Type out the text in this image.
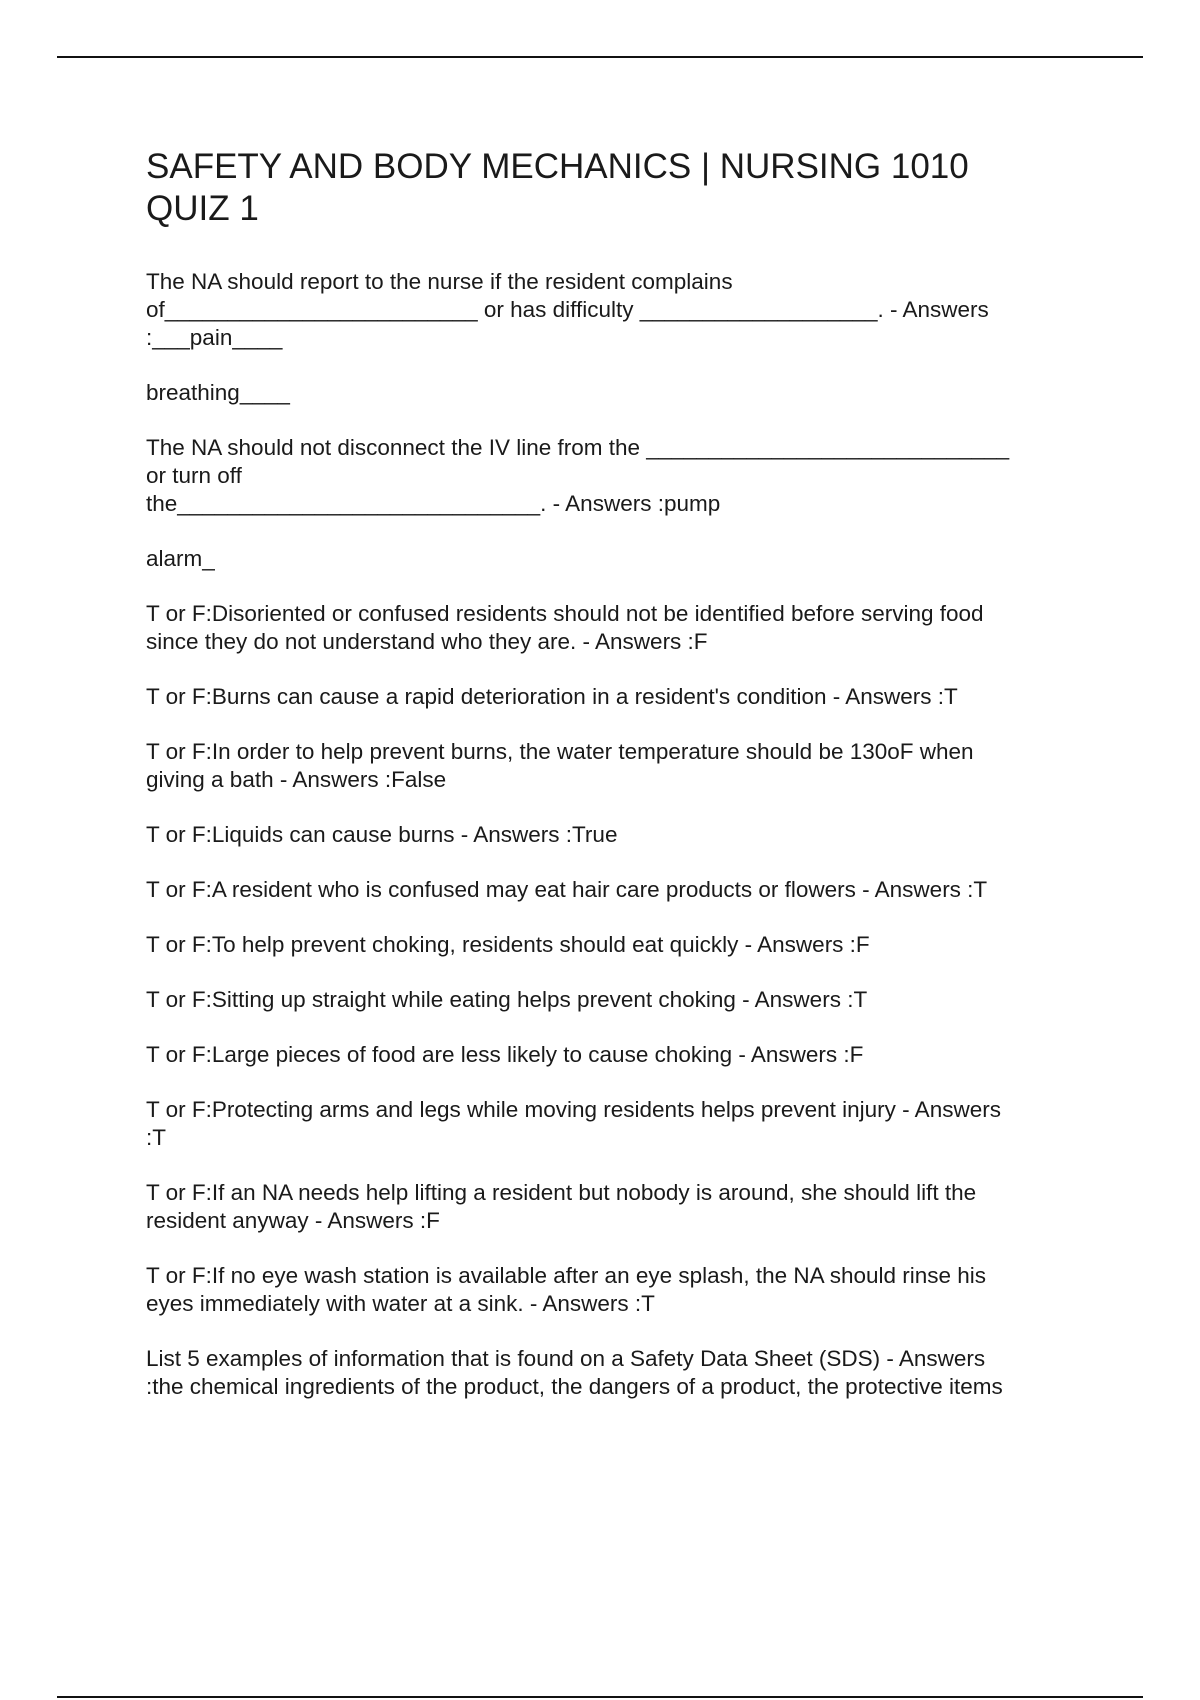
SAFETY AND BODY MECHANICS | NURSING 1010
QUIZ 1

The NA should report to the nurse if the resident complains
of_________________________ or has difficulty ___________________. - Answers
:___pain____

breathing____

The NA should not disconnect the IV line from the _____________________________
or turn off
the_____________________________. - Answers :pump

alarm_

T or F:Disoriented or confused residents should not be identified before serving food
since they do not understand who they are. - Answers :F

T or F:Burns can cause a rapid deterioration in a resident's condition - Answers :T

T or F:In order to help prevent burns, the water temperature should be 130oF when
giving a bath - Answers :False

T or F:Liquids can cause burns - Answers :True

T or F:A resident who is confused may eat hair care products or flowers - Answers :T

T or F:To help prevent choking, residents should eat quickly - Answers :F

T or F:Sitting up straight while eating helps prevent choking - Answers :T

T or F:Large pieces of food are less likely to cause choking - Answers :F

T or F:Protecting arms and legs while moving residents helps prevent injury - Answers
:T

T or F:If an NA needs help lifting a resident but nobody is around, she should lift the
resident anyway - Answers :F

T or F:If no eye wash station is available after an eye splash, the NA should rinse his
eyes immediately with water at a sink. - Answers :T

List 5 examples of information that is found on a Safety Data Sheet (SDS) - Answers
:the chemical ingredients of the product, the dangers of a product, the protective items
